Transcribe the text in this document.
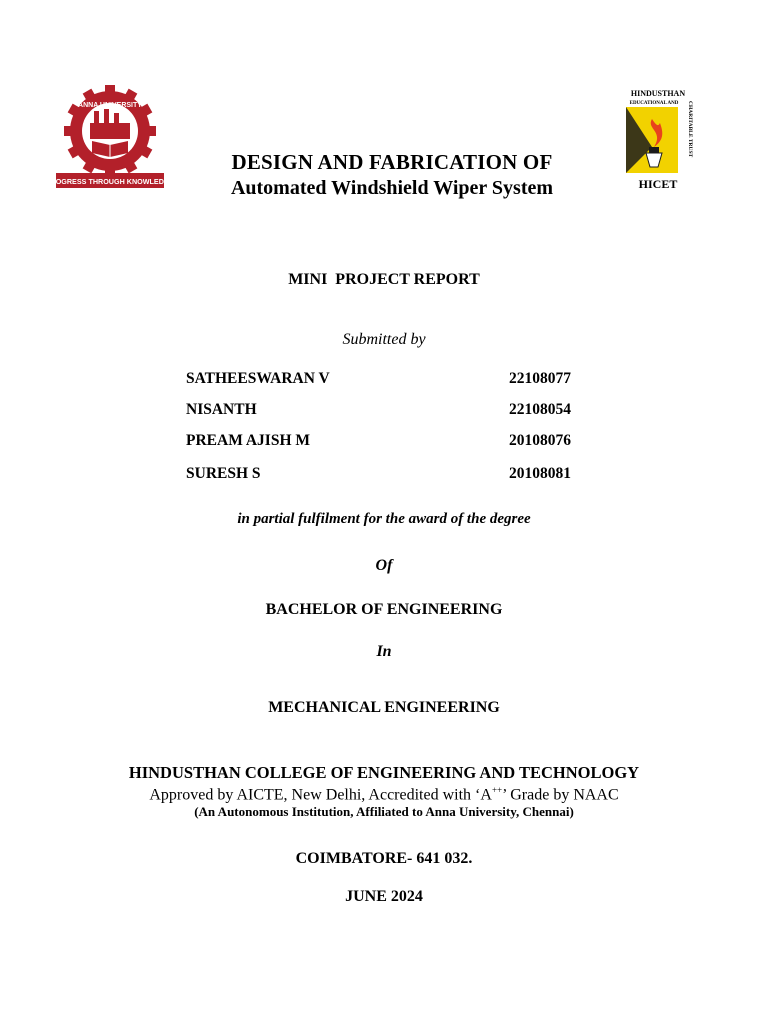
ANNA UNIVERSITY
PROGRESS THROUGH KNOWLEDGE
HINDUSTHAN
EDUCATIONAL AND CHARITABLE TRUST
HICET
DESIGN AND FABRICATION OF
Automated Windshield Wiper System
MINI  PROJECT REPORT
Submitted by
SATHEESWARAN V	22108077
NISANTH	22108054
PREAM AJISH M	20108076
SURESH S	20108081
in partial fulfilment for the award of the degree
Of
BACHELOR OF ENGINEERING
In
MECHANICAL ENGINEERING
HINDUSTHAN COLLEGE OF ENGINEERING AND TECHNOLOGY
Approved by AICTE, New Delhi, Accredited with ‘A++’ Grade by NAAC
(An Autonomous Institution, Affiliated to Anna University, Chennai)
COIMBATORE- 641 032.
JUNE 2024
